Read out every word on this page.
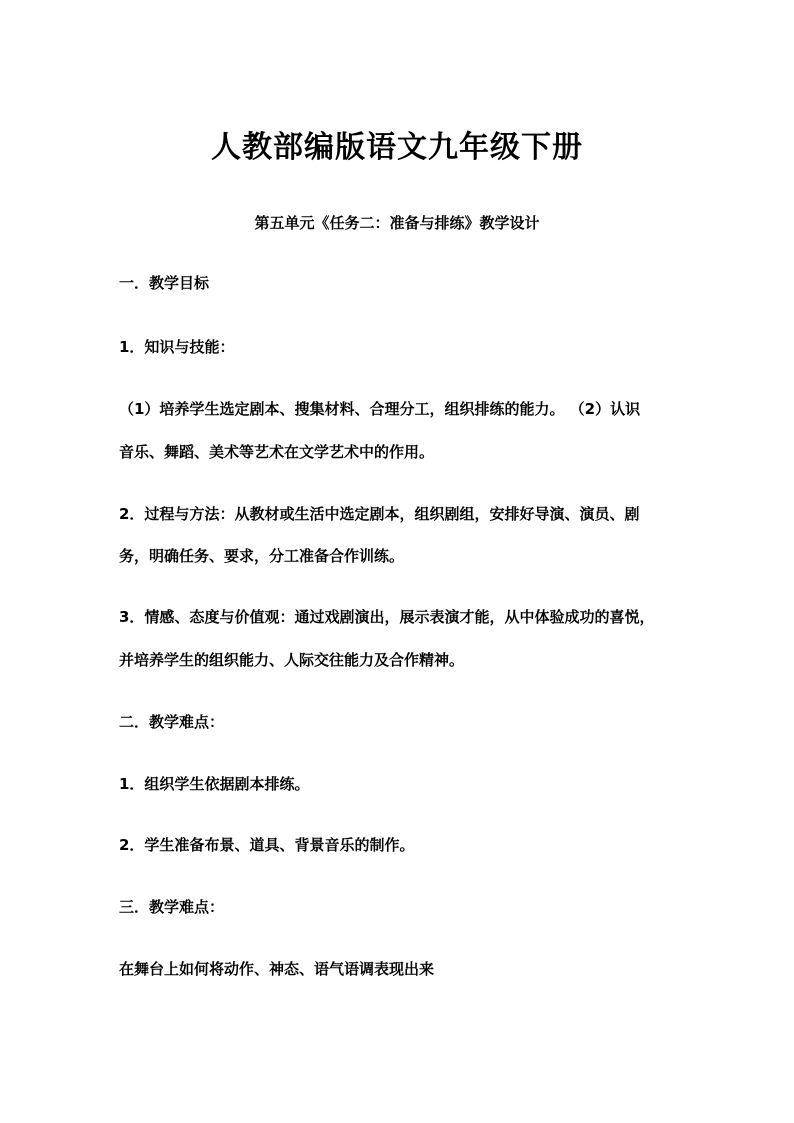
人教部编版语文九年级下册
第五单元《任务二：准备与排练》教学设计
一．教学目标
1．知识与技能：
（1）培养学生选定剧本、搜集材料、合理分工，组织排练的能力。 （2）认识
音乐、舞蹈、美术等艺术在文学艺术中的作用。
2．过程与方法：从教材或生活中选定剧本，组织剧组，安排好导演、演员、剧
务，明确任务、要求，分工准备合作训练。
3．情感、态度与价值观：通过戏剧演出，展示表演才能，从中体验成功的喜悦，
并培养学生的组织能力、人际交往能力及合作精神。
二．教学难点：
1．组织学生依据剧本排练。
2．学生准备布景、道具、背景音乐的制作。
三．教学难点：
在舞台上如何将动作、神态、语气语调表现出来
